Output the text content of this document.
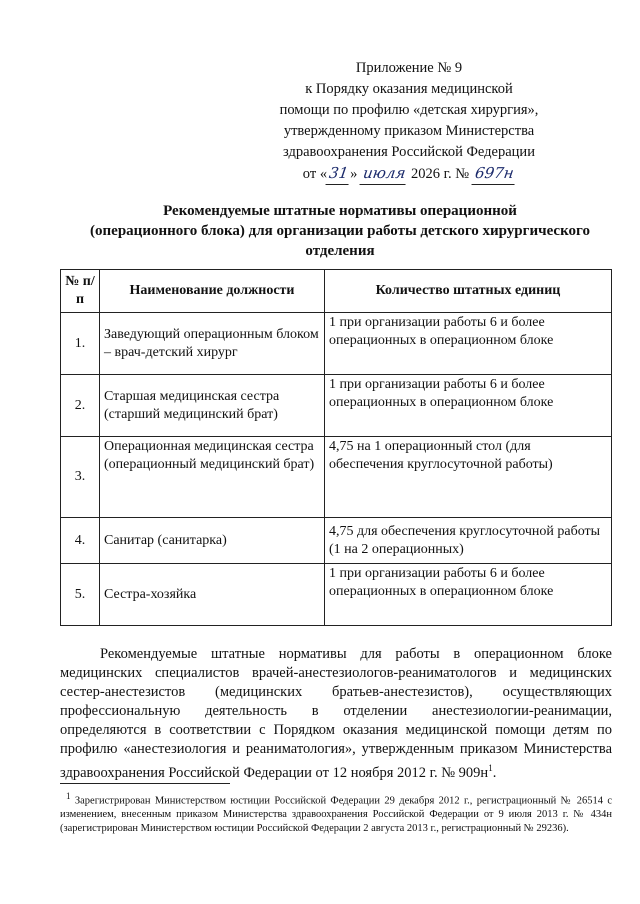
Приложение № 9
к Порядку оказания медицинской
помощи по профилю «детская хирургия»,
утвержденному приказом Министерства
здравоохранения Российской Федерации
от «31» июля 2026 г. № 697н
Рекомендуемые штатные нормативы операционной
(операционного блока) для организации работы детского хирургического
отделения
№ п/п	Наименование должности	Количество штатных единиц
1.	Заведующий операционным блоком – врач-детский хирург	1 при организации работы 6 и более операционных в операционном блоке
2.	Старшая медицинская сестра (старший медицинский брат)	1 при организации работы 6 и более операционных в операционном блоке
3.	Операционная медицинская сестра (операционный медицинский брат)	4,75 на 1 операционный стол (для обеспечения круглосуточной работы)
4.	Санитар (санитарка)	4,75 для обеспечения круглосуточной работы (1 на 2 операционных)
5.	Сестра-хозяйка	1 при организации работы 6 и более операционных в операционном блоке

Рекомендуемые штатные нормативы для работы в операционном блоке медицинских специалистов врачей-анестезиологов-реаниматологов и медицинских сестер-анестезистов (медицинских братьев-анестезистов), осуществляющих профессиональную деятельность в отделении анестезиологии-реанимации, определяются в соответствии с Порядком оказания медицинской помощи детям по профилю «анестезиология и реаниматология», утвержденным приказом Министерства здравоохранения Российской Федерации от 12 ноября 2012 г. № $909н^1$.

$^1$ Зарегистрирован Министерством юстиции Российской Федерации 29 декабря 2012 г., регистрационный № 26514 с изменением, внесенным приказом Министерства здравоохранения Российской Федерации от 9 июля 2013 г. № 434н (зарегистрирован Министерством юстиции Российской Федерации 2 августа 2013 г., регистрационный № 29236).
